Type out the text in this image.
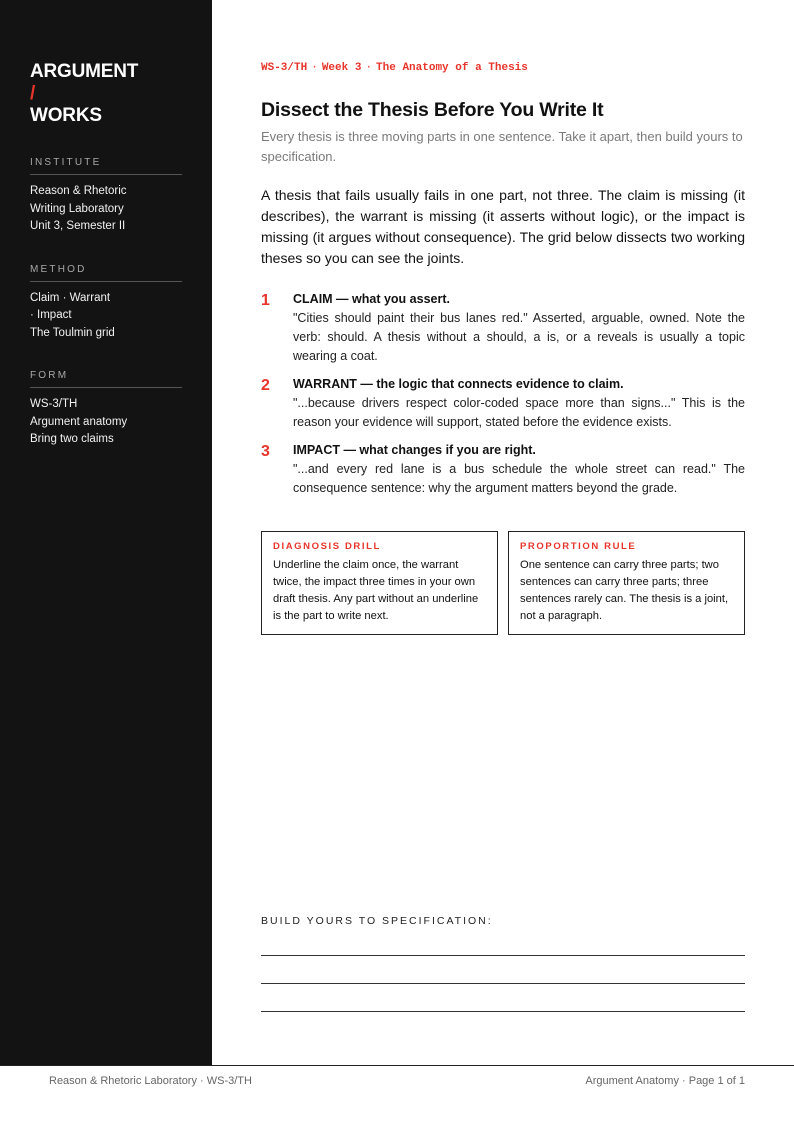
ARGUMENT
/
WORKS
INSTITUTE
Reason & Rhetoric
Writing Laboratory
Unit 3, Semester II
METHOD
Claim · Warrant
· Impact
The Toulmin grid
FORM
WS-3/TH
Argument anatomy
Bring two claims
WS-3/TH · Week 3 · The Anatomy of a Thesis
Dissect the Thesis Before You Write It

Every thesis is three moving parts in one sentence. Take it apart, then build yours to specification.

A thesis that fails usually fails in one part, not three. The claim is missing (it describes), the warrant is missing (it asserts without logic), or the impact is missing (it argues without consequence). The grid below dissects two working theses so you can see the joints.

1 CLAIM — what you assert.
"Cities should paint their bus lanes red." Asserted, arguable, owned. Note the verb: should. A thesis without a should, a is, or a reveals is usually a topic wearing a coat.
2 WARRANT — the logic that connects evidence to claim.
"...because drivers respect color-coded space more than signs..." This is the reason your evidence will support, stated before the evidence exists.
3 IMPACT — what changes if you are right.
"...and every red lane is a bus schedule the whole street can read." The consequence sentence: why the argument matters beyond the grade.
DIAGNOSIS DRILL
Underline the claim once, the warrant twice, the impact three times in your own draft thesis. Any part without an underline is the part to write next.
PROPORTION RULE
One sentence can carry three parts; two sentences can carry three parts; three sentences rarely can. The thesis is a joint, not a paragraph.
BUILD YOURS TO SPECIFICATION:
Reason & Rhetoric Laboratory · WS-3/TH	Argument Anatomy · Page 1 of 1
